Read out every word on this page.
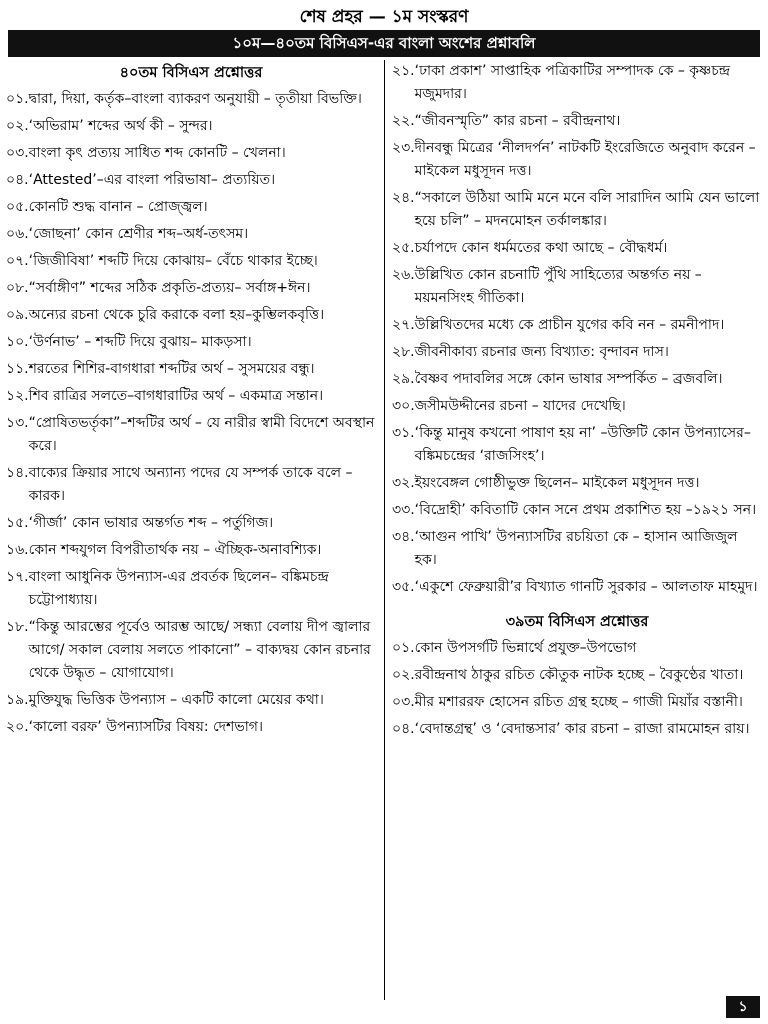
শেষ প্রহর — ১ম সংস্করণ
১০ম—৪০তম বিসিএস-এর বাংলা অংশের প্রশ্নাবলি
৪০তম বিসিএস প্রশ্নোত্তর
০১. দ্বারা, দিয়া, কর্তৃক–বাংলা ব্যাকরণ অনুযায়ী – তৃতীয়া বিভক্তি।
০২. ‘অভিরাম’ শব্দের অর্থ কী – সুন্দর।
০৩. বাংলা কৃৎ প্রত্যয় সাধিত শব্দ কোনটি – খেলনা।
০৪. ‘Attested’–এর বাংলা পরিভাষা– প্রত্যয়িত।
০৫. কোনটি শুদ্ধ বানান – প্রোজ্জ্বল।
০৬. ‘জোছনা’ কোন শ্রেণীর শব্দ–অর্ধ-তৎসম।
০৭. ‘জিজীবিষা’ শব্দটি দিয়ে কোঝায়– বেঁচে থাকার ইচ্ছে।
০৮. “সর্বাঙ্গীণ” শব্দের সঠিক প্রকৃতি-প্রত্যয়– সর্বাঙ্গ+ঈন।
০৯. অন্যের রচনা থেকে চুরি করাকে বলা হয়–কুম্ভিলকবৃত্তি।
১০. ‘উর্ণনাভ’ – শব্দটি দিয়ে বুঝায়– মাকড়সা।
১১. শরতের শিশির-বাগধারা শব্দটির অর্থ – সুসময়ের বন্ধু।
১২. শিব রাত্রির সলতে–বাগধারাটির অর্থ – একমাত্র সন্তান।
১৩. “প্রোষিতভর্তৃকা”–শব্দটির অর্থ – যে নারীর স্বামী বিদেশে অবস্থান করে।
১৪. বাক্যের ক্রিয়ার সাথে অন্যান্য পদের যে সম্পর্ক তাকে বলে – কারক।
১৫. ‘গীর্জা’ কোন ভাষার অন্তর্গত শব্দ – পর্তুগিজ।
১৬. কোন শব্দযুগল বিপরীতার্থক নয় – ঐচ্ছিক-অনাবশ্যিক।
১৭. বাংলা আধুনিক উপন্যাস-এর প্রবর্তক ছিলেন– বঙ্কিমচন্দ্র চট্টোপাধ্যায়।
১৮. “কিন্তু আরম্ভের পূর্বেও আরম্ভ আছে/ সন্ধ্যা বেলায় দীপ জ্বালার আগে/ সকাল বেলায় সলতে পাকানো” – বাক্যদ্বয় কোন রচনার থেকে উদ্ধৃত – যোগাযোগ।
১৯. মুক্তিযুদ্ধ ভিত্তিক উপন্যাস – একটি কালো মেয়ের কথা।
২০. ‘কালো বরফ’ উপন্যাসটির বিষয়: দেশভাগ।
২১. ‘ঢাকা প্রকাশ’ সাপ্তাহিক পত্রিকাটির সম্পাদক কে – কৃষ্ণচন্দ্র মজুমদার।
২২. “জীবনস্মৃতি” কার রচনা – রবীন্দ্রনাথ।
২৩. দীনবন্ধু মিত্রের ‘নীলদর্পন’ নাটকটি ইংরেজিতে অনুবাদ করেন – মাইকেল মধুসূদন দত্ত।
২৪. “সকালে উঠিয়া আমি মনে মনে বলি সারাদিন আমি যেন ভালো হয়ে চলি” – মদনমোহন তর্কালঙ্কার।
২৫. চর্যাপদে কোন ধর্মমতের কথা আছে – বৌদ্ধধর্ম।
২৬. উল্লিখিত কোন রচনাটি পুঁথি সাহিত্যের অন্তর্গত নয় – ময়মনসিংহ গীতিকা।
২৭. উল্লিখিতদের মধ্যে কে প্রাচীন যুগের কবি নন – রমনীপাদ।
২৮. জীবনীকাব্য রচনার জন্য বিখ্যাত: বৃন্দাবন দাস।
২৯. বৈষ্ণব পদাবলির সঙ্গে কোন ভাষার সম্পর্কিত – ব্রজবলি।
৩০. জসীমউদ্দীনের রচনা – যাদের দেখেছি।
৩১. ‘কিন্তু মানুষ কখনো পাষাণ হয় না’ –উক্তিটি কোন উপন্যাসের–বঙ্কিমচন্দ্রের ‘রাজসিংহ’।
৩২. ইয়ংবেঙ্গল গোষ্ঠীভুক্ত ছিলেন– মাইকেল মধুসূদন দত্ত।
৩৩. ‘বিদ্রোহী’ কবিতাটি কোন সনে প্রথম প্রকাশিত হয় –১৯২১ সন।
৩৪. ‘আগুন পাখি’ উপন্যাসটির রচয়িতা কে – হাসান আজিজুল হক।
৩৫. ‘একুশে ফেব্রুয়ারী’র বিখ্যাত গানটি সুরকার – আলতাফ মাহমুদ।
৩৯তম বিসিএস প্রশ্নোত্তর
০১. কোন উপসর্গটি ভিন্নার্থে প্রযুক্ত–উপভোগ
০২. রবীন্দ্রনাথ ঠাকুর রচিত কৌতুক নাটক হচ্ছে – বৈকুণ্ঠের খাতা।
০৩. মীর মশাররফ হোসেন রচিত গ্রন্থ হচ্ছে – গাজী মিয়াঁর বস্তানী।
০৪. ‘বেদান্তগ্রন্থ’ ও ‘বেদান্তসার’ কার রচনা – রাজা রামমোহন রায়।
১
